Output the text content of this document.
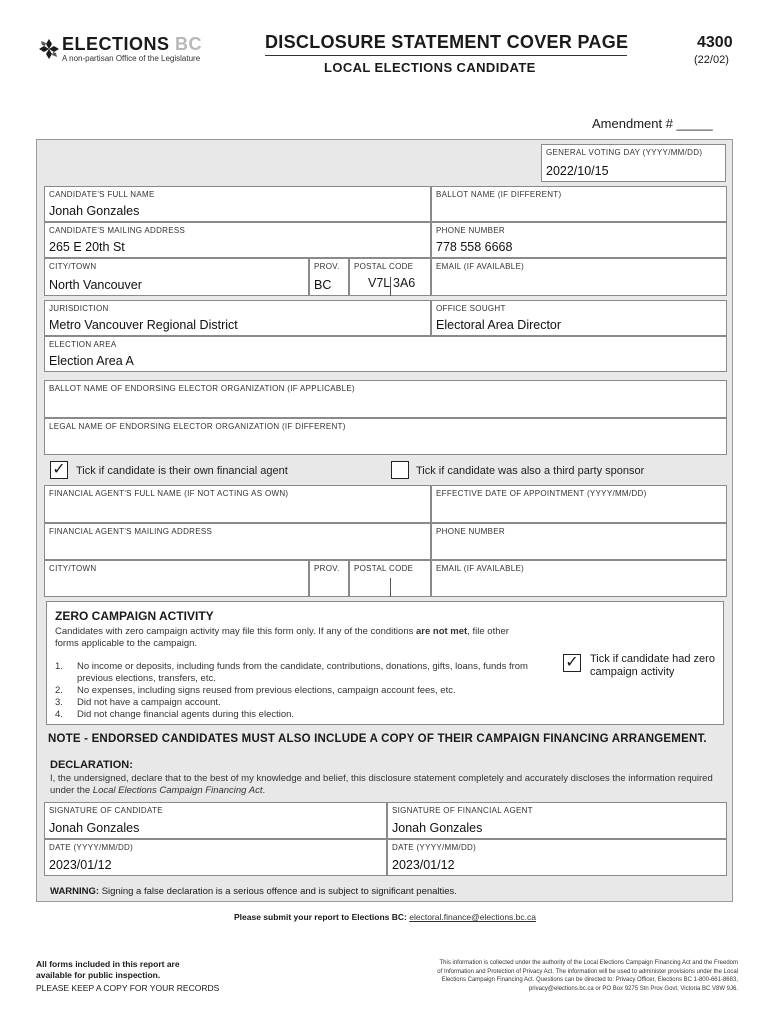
ELECTIONS BC
A non-partisan Office of the Legislature
DISCLOSURE STATEMENT COVER PAGE
LOCAL ELECTIONS CANDIDATE
4300
(22/02)
Amendment # _____
GENERAL VOTING DAY (YYYY/MM/DD)
2022/10/15
CANDIDATE'S FULL NAME
Jonah Gonzales
BALLOT NAME (IF DIFFERENT)
CANDIDATE'S MAILING ADDRESS
265 E 20th St
PHONE NUMBER
778 558 6668
CITY/TOWN
North Vancouver
PROV.
BC
POSTAL CODE
V7L 3A6
EMAIL (IF AVAILABLE)
JURISDICTION
Metro Vancouver Regional District
OFFICE SOUGHT
Electoral Area Director
ELECTION AREA
Election Area A
BALLOT NAME OF ENDORSING ELECTOR ORGANIZATION (IF APPLICABLE)
LEGAL NAME OF ENDORSING ELECTOR ORGANIZATION (IF DIFFERENT)
✓ Tick if candidate is their own financial agent	Tick if candidate was also a third party sponsor
FINANCIAL AGENT'S FULL NAME (IF NOT ACTING AS OWN)	EFFECTIVE DATE OF APPOINTMENT (YYYY/MM/DD)
FINANCIAL AGENT'S MAILING ADDRESS	PHONE NUMBER
CITY/TOWN	PROV. POSTAL CODE	EMAIL (IF AVAILABLE)
ZERO CAMPAIGN ACTIVITY
Candidates with zero campaign activity may file this form only. If any of the conditions are not met, file other forms applicable to the campaign.
1.	No income or deposits, including funds from the candidate, contributions, donations, gifts, loans, funds from previous elections, transfers, etc.
2.	No expenses, including signs reused from previous elections, campaign account fees, etc.
3.	Did not have a campaign account.
4.	Did not change financial agents during this election.
✓ Tick if candidate had zero campaign activity
NOTE - ENDORSED CANDIDATES MUST ALSO INCLUDE A COPY OF THEIR CAMPAIGN FINANCING ARRANGEMENT.
DECLARATION:
I, the undersigned, declare that to the best of my knowledge and belief, this disclosure statement completely and accurately discloses the information required under the Local Elections Campaign Financing Act.
SIGNATURE OF CANDIDATE
Jonah Gonzales
SIGNATURE OF FINANCIAL AGENT
Jonah Gonzales
DATE (YYYY/MM/DD)
2023/01/12
DATE (YYYY/MM/DD)
2023/01/12
WARNING: Signing a false declaration is a serious offence and is subject to significant penalties.
Please submit your report to Elections BC: electoral.finance@elections.bc.ca
All forms included in this report are
available for public inspection.
PLEASE KEEP A COPY FOR YOUR RECORDS
This information is collected under the authority of the Local Elections Campaign Financing Act and the Freedom
of Information and Protection of Privacy Act. The information will be used to administer provisions under the Local
Elections Campaign Financing Act. Questions can be directed to: Privacy Officer, Elections BC 1-800-661-8683,
privacy@elections.bc.ca or PO Box 9275 Stn Prov Govt, Victoria BC V8W 9J6.
